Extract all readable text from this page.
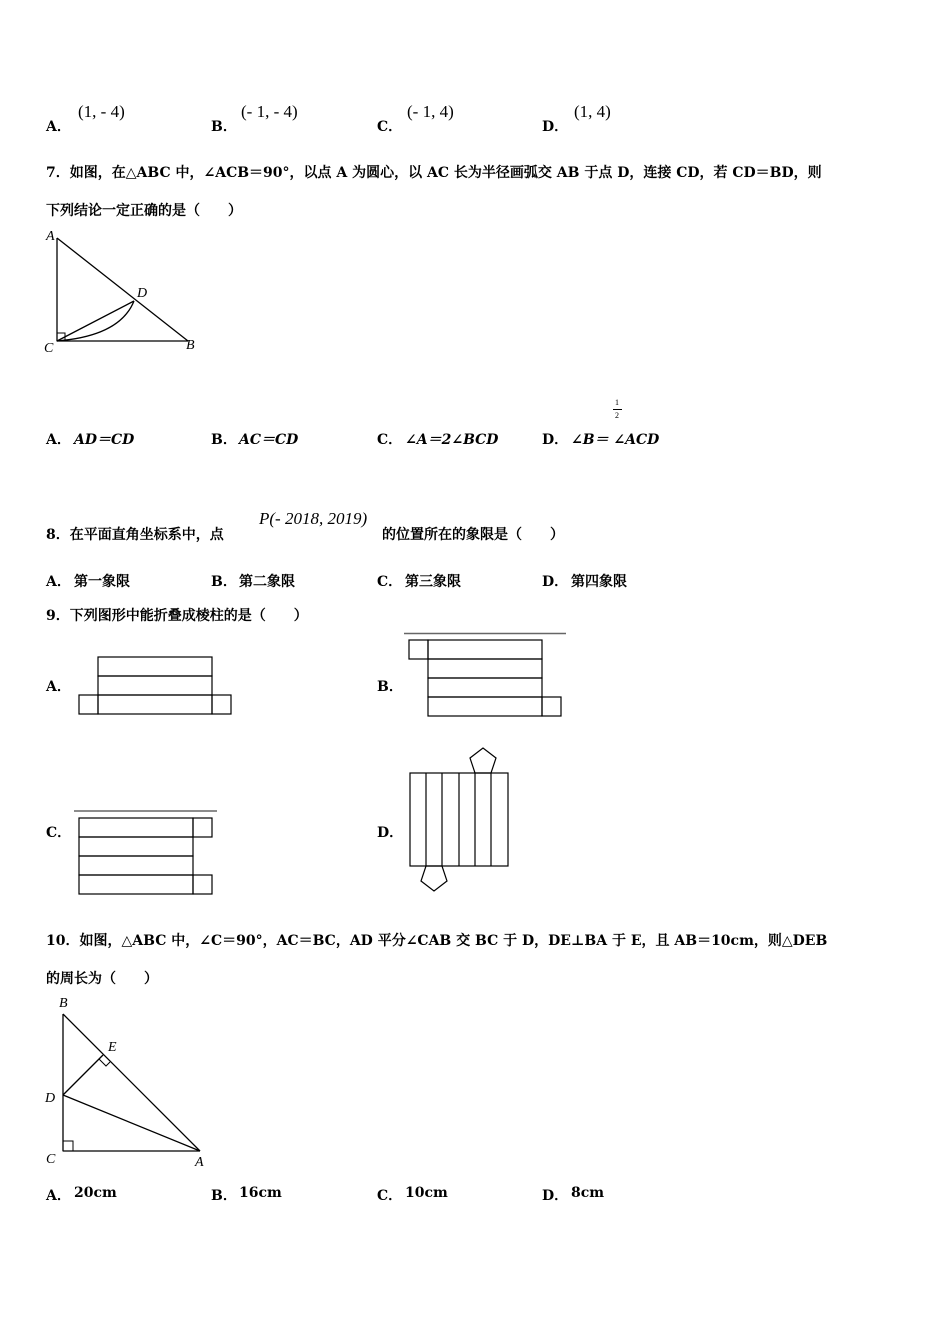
A．
(1, - 4)
B．
(- 1, - 4)
C．
(- 1, 4)
D．
(1, 4)
7．如图，在△ABC 中，∠ACB＝90°，以点 A 为圆心，以 AC 长为半径画弧交 AB 于点 D，连接 CD，若 CD＝BD，则
下列结论一定正确的是（　　）
A
D
C	B
A． AD＝CD	B． AC＝CD	C． ∠A＝2∠BCD	D． ∠B＝ ∠ACD
1
2
8．在平面直角坐标系中，点
P(- 2018, 2019)
的位置所在的象限是（　　）
A． 第一象限	B． 第二象限	C． 第三象限	D． 第四象限
9．下列图形中能折叠成棱柱的是（　　）
A．	B．
C．	D．
10．如图，△ABC 中，∠C＝90°，AC＝BC，AD 平分∠CAB 交 BC 于 D，DE⊥BA 于 E，且 AB＝10cm，则△DEB
的周长为（　　）
B
E
D
C	A
A． 20cm	B． 16cm	C． 10cm	D． 8cm
